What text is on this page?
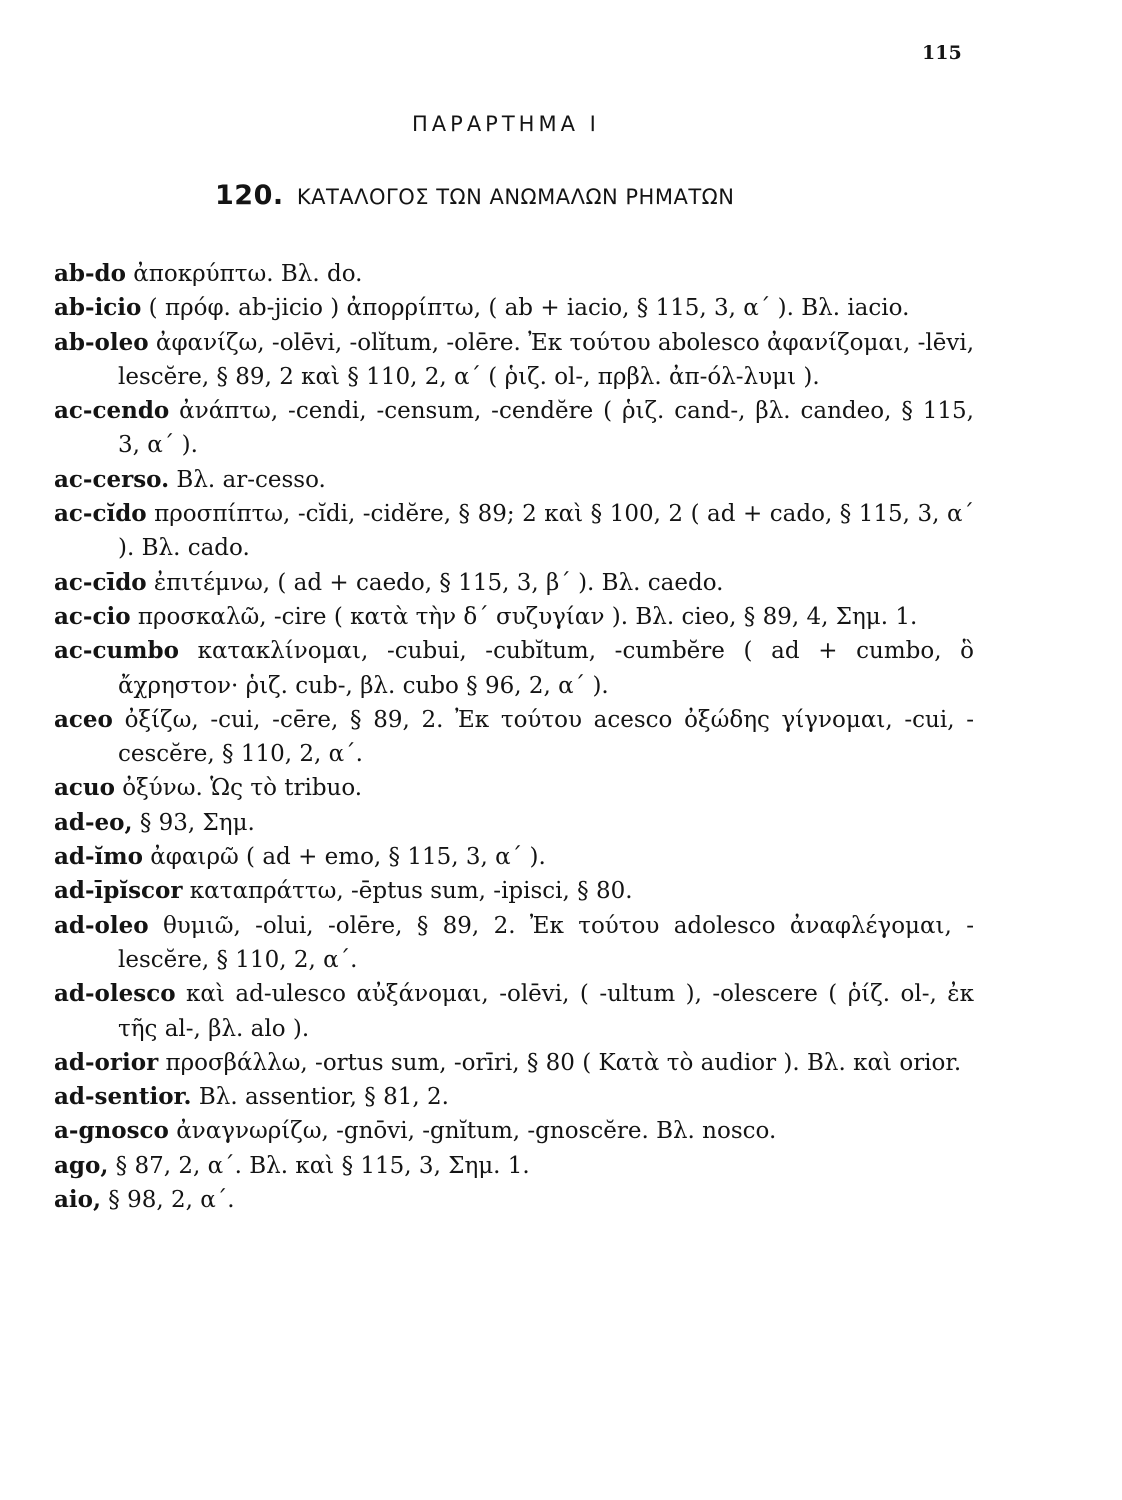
115
ΠΑΡΑΡΤΗΜΑ Ι
120. ΚΑΤΑΛΟΓΟΣ ΤΩΝ ΑΝΩΜΑΛΩΝ ΡΗΜΑΤΩΝ
ab-do ἀποκρύπτω. Βλ. do.
ab-icio ( πρόφ. ab-jicio ) ἀπορρίπτω, ( ab + iacio, § 115, 3, α΄ ). Βλ. iacio.
ab-oleo ἀφανίζω, -olēvi, -olĭtum, -olēre. Ἐκ τούτου abolesco ἀφανίζομαι, -lēvi, lescĕre, § 89, 2 καὶ § 110, 2, α΄ ( ῥιζ. ol-, πρβλ. ἀπ-όλ-λυμι ).
ac-cendo ἀνάπτω, -cendi, -censum, -cendĕre ( ῥιζ. cand-, βλ. candeo, § 115, 3, α΄ ).
ac-cerso. Βλ. ar-cesso.
ac-cĭdo προσπίπτω, -cĭdi, -cidĕre, § 89; 2 καὶ § 100, 2 ( ad + cado, § 115, 3, α΄ ). Βλ. cado.
ac-cīdo ἐπιτέμνω, ( ad + caedo, § 115, 3, β΄ ). Βλ. caedo.
ac-cio προσκαλῶ, -cire ( κατὰ τὴν δ΄ συζυγίαν ). Βλ. cieo, § 89, 4, Σημ. 1.
ac-cumbo κατακλίνομαι, -cubui, -cubĭtum, -cumbĕre ( ad + cumbo, ὃ ἄχρηστον· ῥιζ. cub-, βλ. cubo § 96, 2, α΄ ).
aceo ὀξίζω, -cui, -cēre, § 89, 2. Ἐκ τούτου acesco ὀξώδης γίγνομαι, -cui, -cescĕre, § 110, 2, α΄.
acuo ὀξύνω. Ὡς τὸ tribuo.
ad-eo, § 93, Σημ.
ad-ĭmo ἀφαιρῶ ( ad + emo, § 115, 3, α΄ ).
ad-īpĭscor καταπράττω, -ēptus sum, -ipisci, § 80.
ad-oleo θυμιῶ, -olui, -olēre, § 89, 2. Ἐκ τούτου adolesco ἀναφλέγομαι, -lescĕre, § 110, 2, α΄.
ad-olesco καὶ ad-ulesco αὐξάνομαι, -olēvi, ( -ultum ), -olescere ( ῥίζ. ol-, ἐκ τῆς al-, βλ. alo ).
ad-orior προσβάλλω, -ortus sum, -orīri, § 80 ( Κατὰ τὸ audior ). Βλ. καὶ orior.
ad-sentior. Βλ. assentior, § 81, 2.
a-gnosco ἀναγνωρίζω, -gnōvi, -gnĭtum, -gnoscĕre. Βλ. nosco.
ago, § 87, 2, α΄. Βλ. καὶ § 115, 3, Σημ. 1.
aio, § 98, 2, α΄.
